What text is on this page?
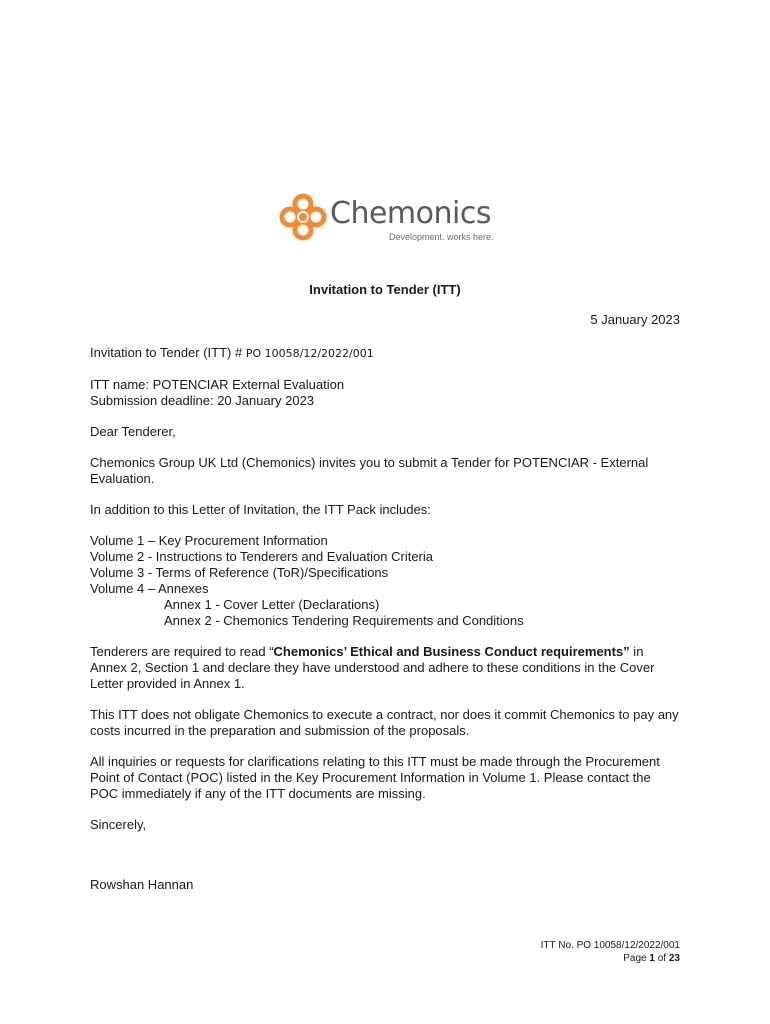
Chemonics
Development. works here.
Invitation to Tender (ITT)
5 January 2023

Invitation to Tender (ITT) # PO 10058/12/2022/001

ITT name: POTENCIAR External Evaluation

Submission deadline: 20 January 2023

Dear Tenderer,

Chemonics Group UK Ltd (Chemonics) invites you to submit a Tender for POTENCIAR - External Evaluation.

In addition to this Letter of Invitation, the ITT Pack includes:

Volume 1 – Key Procurement Information

Volume 2 - Instructions to Tenderers and Evaluation Criteria

Volume 3 - Terms of Reference (ToR)/Specifications

Volume 4 – Annexes

Annex 1 - Cover Letter (Declarations)

Annex 2 - Chemonics Tendering Requirements and Conditions

Tenderers are required to read “Chemonics’ Ethical and Business Conduct requirements” in Annex 2, Section 1 and declare they have understood and adhere to these conditions in the Cover Letter provided in Annex 1.

This ITT does not obligate Chemonics to execute a contract, nor does it commit Chemonics to pay any costs incurred in the preparation and submission of the proposals.

All inquiries or requests for clarifications relating to this ITT must be made through the Procurement Point of Contact (POC) listed in the Key Procurement Information in Volume 1. Please contact the POC immediately if any of the ITT documents are missing.

Sincerely,

Rowshan Hannan

ITT No. PO 10058/12/2022/001
Page 1 of 23
